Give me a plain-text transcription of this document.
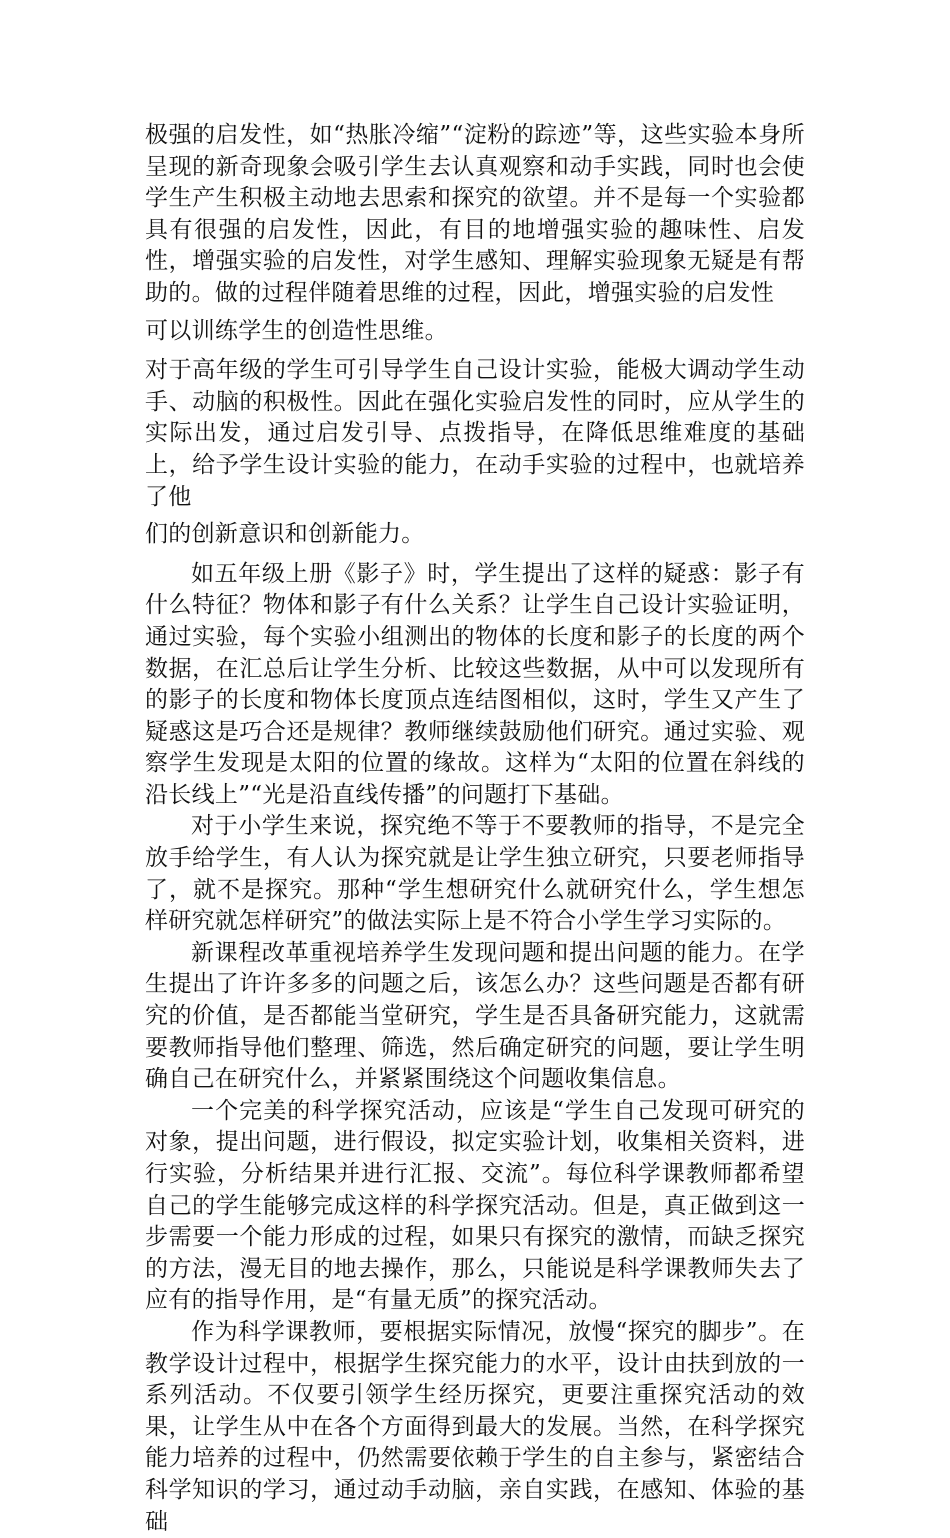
极强的启发性，如“热胀冷缩”“淀粉的踪迹”等，这些实验本身所呈现的新奇现象会吸引学生去认真观察和动手实践，同时也会使学生产生积极主动地去思索和探究的欲望。并不是每一个实验都具有很强的启发性，因此，有目的地增强实验的趣味性、启发性，增强实验的启发性，对学生感知、理解实验现象无疑是有帮助的。做的过程伴随着思维的过程，因此，增强实验的启发性
可以训练学生的创造性思维。

对于高年级的学生可引导学生自己设计实验，能极大调动学生动手、动脑的积极性。因此在强化实验启发性的同时，应从学生的实际出发，通过启发引导、点拨指导，在降低思维难度的基础上，给予学生设计实验的能力，在动手实验的过程中，也就培养了他
们的创新意识和创新能力。

如五年级上册《影子》时，学生提出了这样的疑惑：影子有什么特征？物体和影子有什么关系？让学生自己设计实验证明，通过实验，每个实验小组测出的物体的长度和影子的长度的两个数据，在汇总后让学生分析、比较这些数据，从中可以发现所有的影子的长度和物体长度顶点连结图相似，这时，学生又产生了疑惑这是巧合还是规律？教师继续鼓励他们研究。通过实验、观察学生发现是太阳的位置的缘故。这样为“太阳的位置在斜线的沿长线上”“光是沿直线传播”的问题打下基础。

对于小学生来说，探究绝不等于不要教师的指导，不是完全放手给学生，有人认为探究就是让学生独立研究，只要老师指导了，就不是探究。那种“学生想研究什么就研究什么，学生想怎样研究就怎样研究”的做法实际上是不符合小学生学习实际的。

新课程改革重视培养学生发现问题和提出问题的能力。在学生提出了许许多多的问题之后，该怎么办？这些问题是否都有研究的价值，是否都能当堂研究，学生是否具备研究能力，这就需要教师指导他们整理、筛选，然后确定研究的问题，要让学生明确自己在研究什么，并紧紧围绕这个问题收集信息。

一个完美的科学探究活动，应该是“学生自己发现可研究的对象，提出问题，进行假设，拟定实验计划，收集相关资料，进行实验，分析结果并进行汇报、交流”。每位科学课教师都希望自己的学生能够完成这样的科学探究活动。但是，真正做到这一步需要一个能力形成的过程，如果只有探究的激情，而缺乏探究的方法，漫无目的地去操作，那么，只能说是科学课教师失去了应有的指导作用，是“有量无质”的探究活动。

作为科学课教师，要根据实际情况，放慢“探究的脚步”。在教学设计过程中，根据学生探究能力的水平，设计由扶到放的一系列活动。不仅要引领学生经历探究，更要注重探究活动的效果，让学生从中在各个方面得到最大的发展。当然，在科学探究能力培养的过程中，仍然需要依赖于学生的自主参与，紧密结合科学知识的学习，通过动手动脑，亲自实践，在感知、体验的基础
